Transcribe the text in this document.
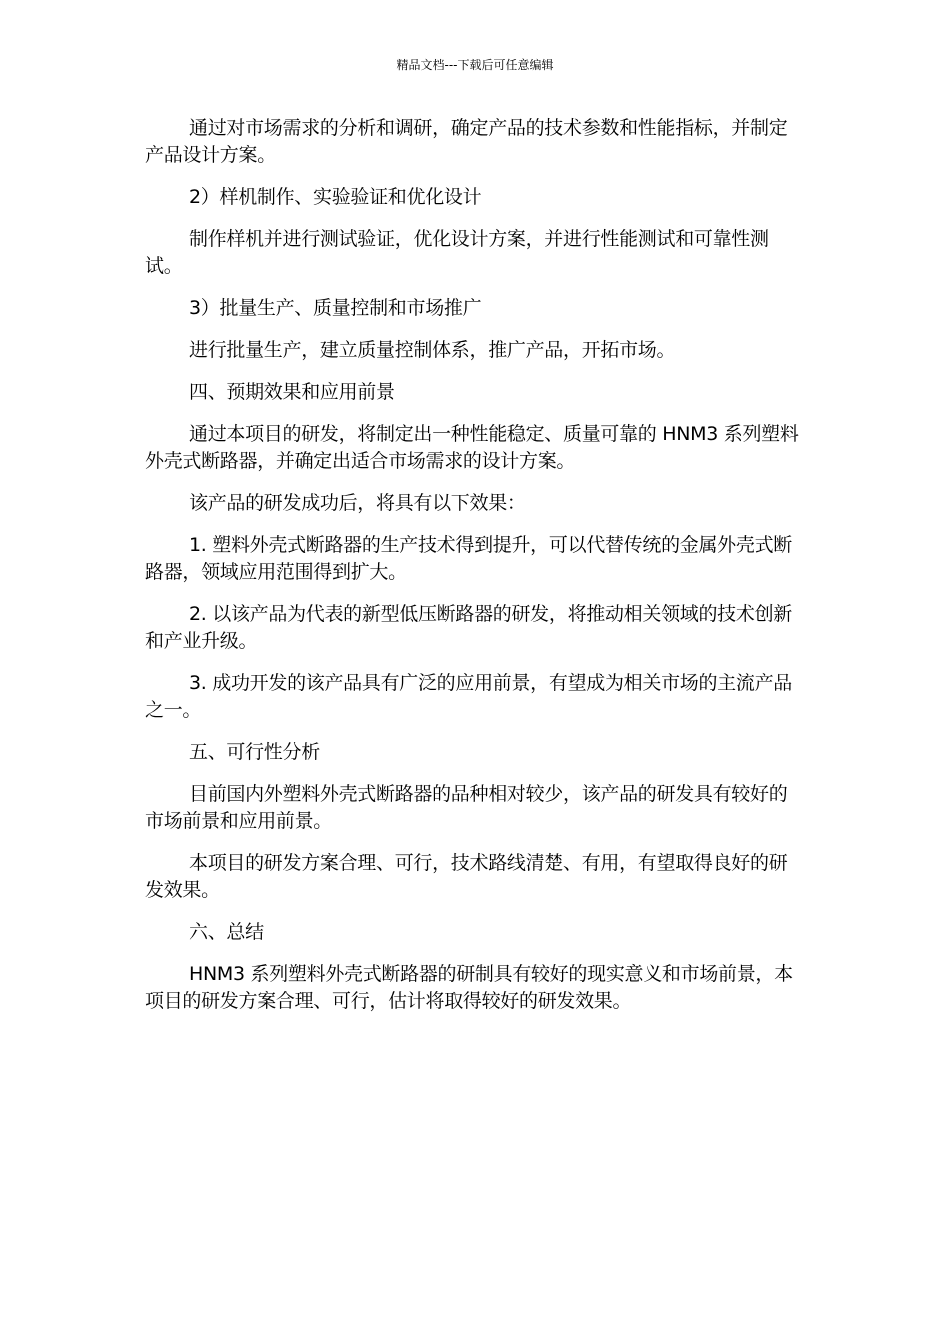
精品文档---下载后可任意编辑

通过对市场需求的分析和调研，确定产品的技术参数和性能指标，并制定产品设计方案。

2）样机制作、实验验证和优化设计

制作样机并进行测试验证，优化设计方案，并进行性能测试和可靠性测试。

3）批量生产、质量控制和市场推广

进行批量生产，建立质量控制体系，推广产品，开拓市场。

四、预期效果和应用前景

通过本项目的研发，将制定出一种性能稳定、质量可靠的 HNM3 系列塑料外壳式断路器，并确定出适合市场需求的设计方案。

该产品的研发成功后，将具有以下效果：

1. 塑料外壳式断路器的生产技术得到提升，可以代替传统的金属外壳式断路器，领域应用范围得到扩大。

2. 以该产品为代表的新型低压断路器的研发，将推动相关领域的技术创新和产业升级。

3. 成功开发的该产品具有广泛的应用前景，有望成为相关市场的主流产品之一。

五、可行性分析

目前国内外塑料外壳式断路器的品种相对较少，该产品的研发具有较好的市场前景和应用前景。

本项目的研发方案合理、可行，技术路线清楚、有用，有望取得良好的研发效果。

六、总结

HNM3 系列塑料外壳式断路器的研制具有较好的现实意义和市场前景，本项目的研发方案合理、可行，估计将取得较好的研发效果。
